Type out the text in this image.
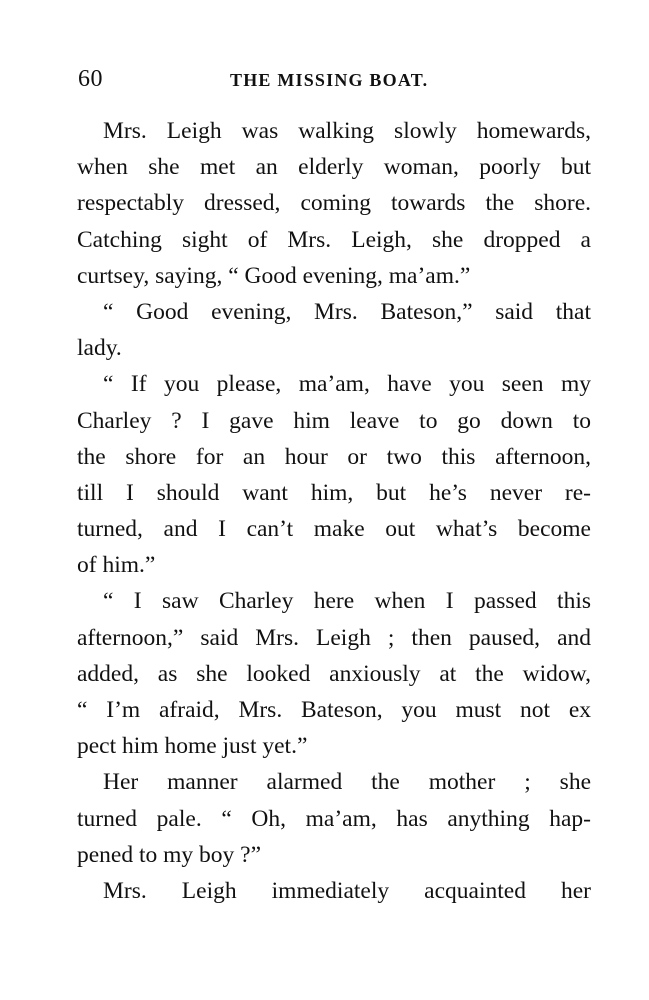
60	THE MISSING BOAT.
Mrs. Leigh was walking slowly homewards,
when she met an elderly woman, poorly but
respectably dressed, coming towards the shore.
Catching sight of Mrs. Leigh, she dropped a
curtsey, saying, “ Good evening, ma’am.”
“ Good evening, Mrs. Bateson,” said that
lady.
“ If you please, ma’am, have you seen my
Charley ? I gave him leave to go down to
the shore for an hour or two this afternoon,
till I should want him, but he’s never re-
turned, and I can’t make out what’s become
of him.”
“ I saw Charley here when I passed this
afternoon,” said Mrs. Leigh ; then paused, and
added, as she looked anxiously at the widow,
“ I’m afraid, Mrs. Bateson, you must not ex
pect him home just yet.”
Her manner alarmed the mother ; she
turned pale. “ Oh, ma’am, has anything hap-
pened to my boy ?”
Mrs. Leigh immediately acquainted her
